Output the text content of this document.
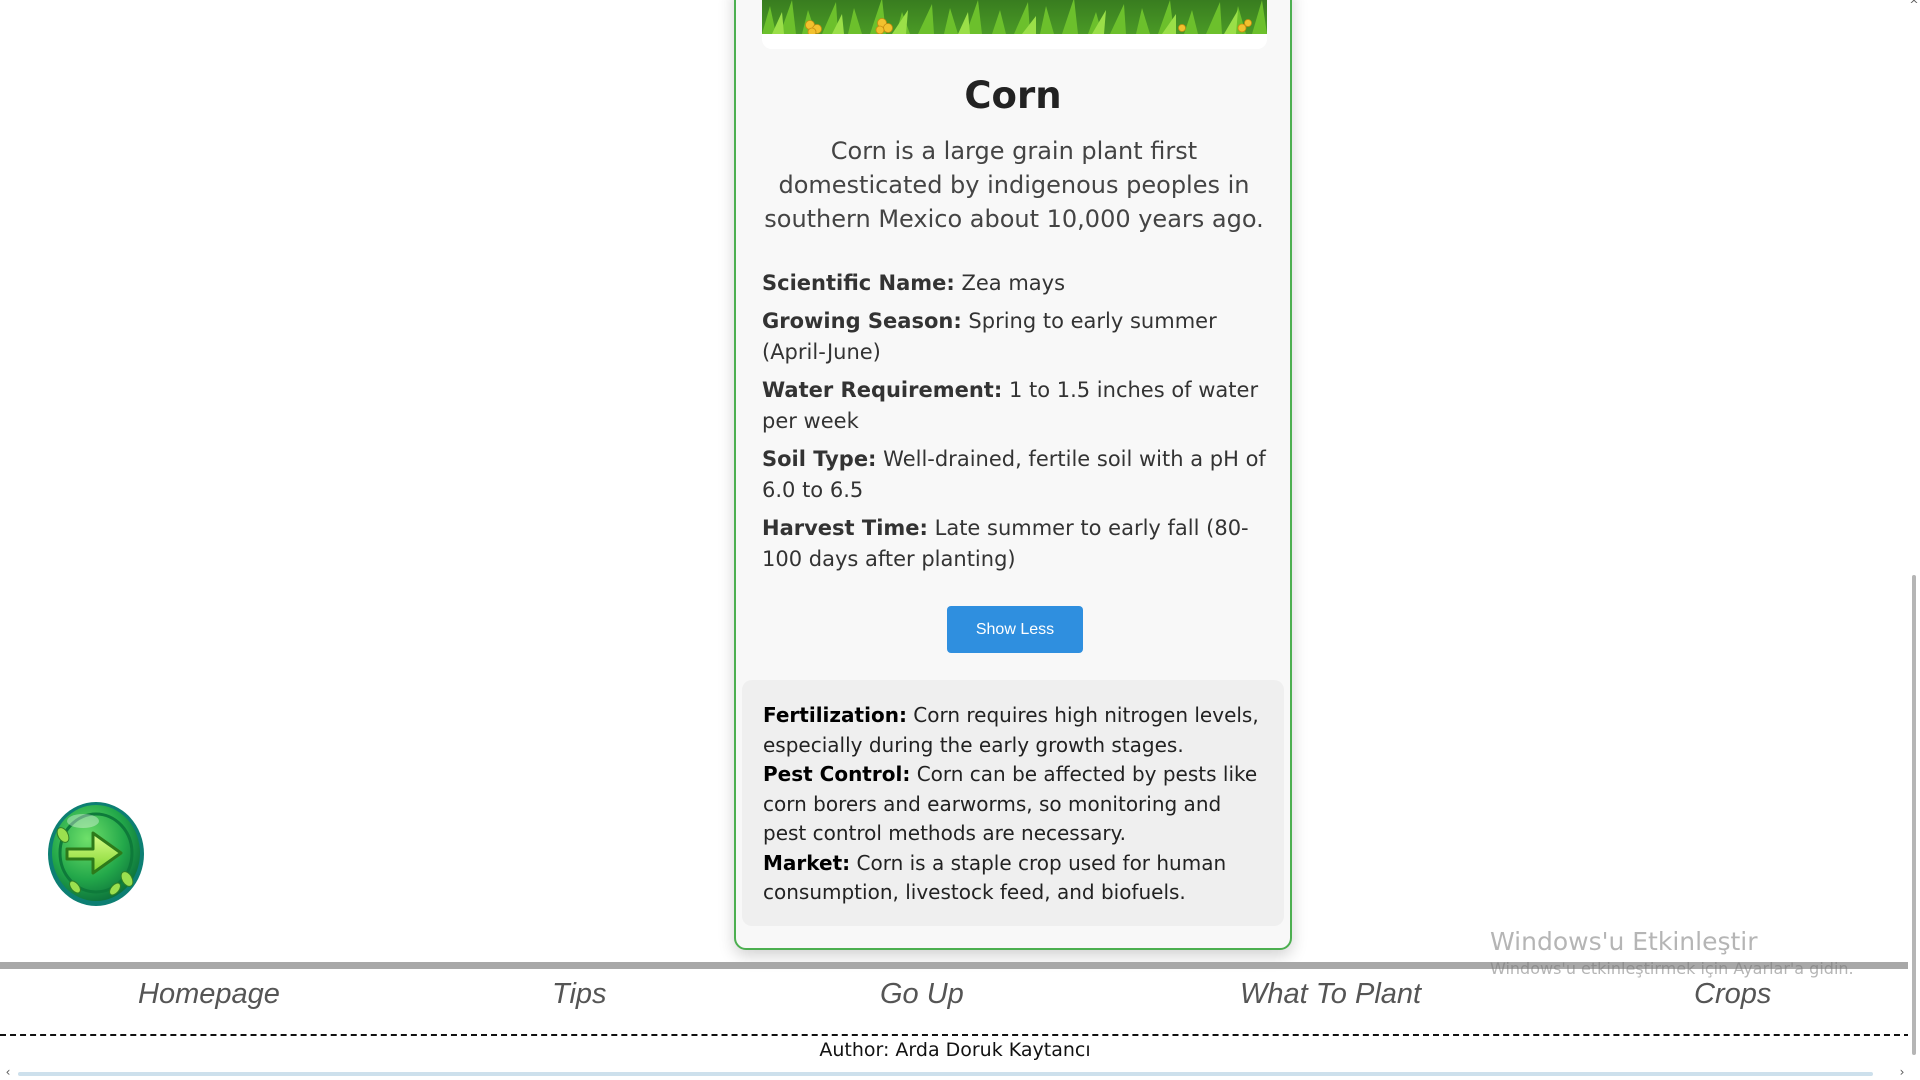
Corn

Corn is a large grain plant first domesticated by indigenous peoples in southern Mexico about 10,000 years ago.

Scientific Name: Zea mays
Growing Season: Spring to early summer (April-June)
Water Requirement: 1 to 1.5 inches of water per week
Soil Type: Well-drained, fertile soil with a pH of 6.0 to 6.5
Harvest Time: Late summer to early fall (80-100 days after planting)
Show Less

Fertilization: Corn requires high nitrogen levels, especially during the early growth stages.

Pest Control: Corn can be affected by pests like corn borers and earworms, so monitoring and pest control methods are necessary.

Market: Corn is a staple crop used for human consumption, livestock feed, and biofuels.

Homepage	Tips	Go Up	What To Plant	Crops
Author: Arda Doruk Kaytancı
Windows'u Etkinleştir
Windows'u etkinleştirmek için Ayarlar'a gidin.
^
‹	›
